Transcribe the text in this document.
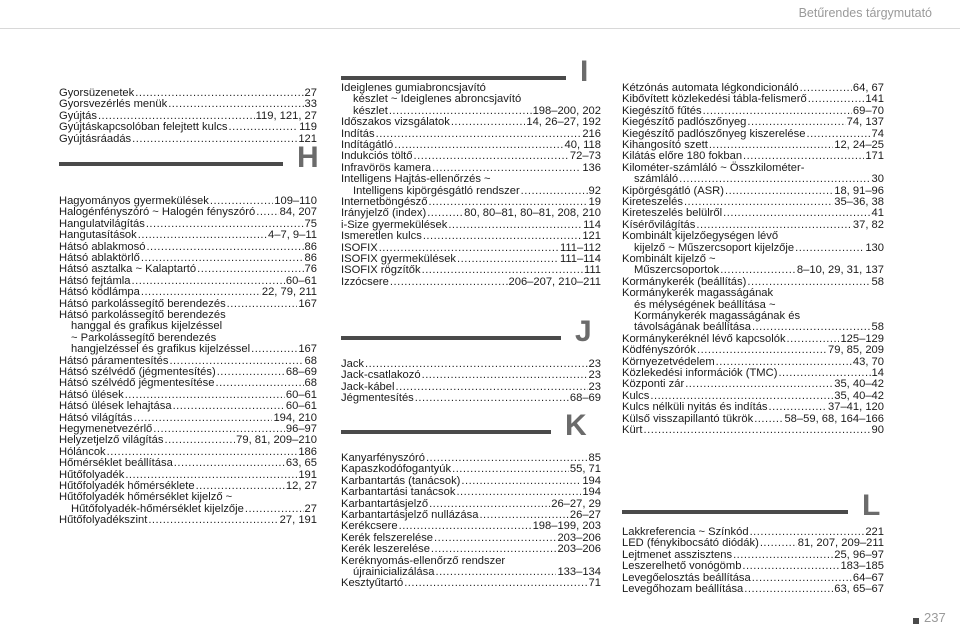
Betűrendes tárgymutató
Gyorsüzenetek .....	27
Gyorsvezérlés menük .....	33
Gyújtás .....	119, 121, 27
Gyújtáskapcsolóban felejtett kulcs .....	119
Gyújtásráadás .....	121
H
Hagyományos gyermekülések .....	109–110
Halogénfényszóró ~ Halogén fényszóró ..... 84, 207
Hangulatvilágítás .....	75
Hangutasítások .....	4–7, 9–11
Hátsó ablakmosó .....	86
Hátsó ablaktörlő .....	86
Hátsó asztalka ~ Kalaptartó .....	76
Hátsó fejtámla .....	60–61
Hátsó ködlámpa .....	22, 79, 211
Hátsó parkolássegítő berendezés .....	167
Hátsó parkolássegítő berendezés
hanggal és grafikus kijelzéssel
~ Parkolássegítő berendezés
hangjelzéssel és grafikus kijelzéssel .....	167
Hátsó páramentesítés .....	68
Hátsó szélvédő (jégmentesítés) .....	68–69
Hátsó szélvédő jégmentesítése .....	68
Hátsó ülések .....	60–61
Hátsó ülések lehajtása .....	60–61
Hátsó világítás .....	194, 210
Hegymenetvezérlő .....	96–97
Helyzetjelző világítás .....	79, 81, 209–210
Hóláncok .....	186
Hőmérséklet beállítása .....	63, 65
Hűtőfolyadék .....	191
Hűtőfolyadék hőmérséklete .....	12, 27
Hűtőfolyadék hőmérséklet kijelző ~
Hűtőfolyadék-hőmérséklet kijelzője .....	27
Hűtőfolyadékszint .....	27, 191
I
Ideiglenes gumiabroncsjavító
készlet ~ Ideiglenes abroncsjavító
készlet .....	198–200, 202
Időszakos vizsgálatok .....	14, 26–27, 192
Indítás .....	216
Indítágátló .....	40, 118
Indukciós töltő .....	72–73
Infravörös kamera .....	136
Intelligens Hajtás-ellenőrzés ~
Intelligens kipörgésgátló rendszer .....	92
Internetböngésző .....	19
Irányjelző (index) .....	80, 80–81, 80–81, 208, 210
i-Size gyermekülések .....	114
Ismeretlen kulcs .....	121
ISOFIX .....	111–112
ISOFIX gyermekülések .....	111–114
ISOFIX rögzítők .....	111
Izzócsere .....	206–207, 210–211
J
Jack .....	23
Jack-csatlakozó .....	23
Jack-kábel .....	23
Jégmentesítés .....	68–69
K
Kanyarfényszóró .....	85
Kapaszkodófogantyúk .....	55, 71
Karbantartás (tanácsok) .....	194
Karbantartási tanácsok .....	194
Karbantartásjelző .....	26–27, 29
Karbantartásjelző nullázása .....	26–27
Kerékcsere .....	198–199, 203
Kerék felszerelése .....	203–206
Kerék leszerelése .....	203–206
Keréknyomás-ellenőrző rendszer
újrainicializálása .....	133–134
Kesztyűtartó .....	71
Kétzónás automata légkondicionáló .....	64, 67
Kibővített közlekedési tábla-felismerő .....	141
Kiegészítő fűtés .....	69–70
Kiegészítő padlószőnyeg .....	74, 137
Kiegészítő padlószőnyeg kiszerelése .....	74
Kihangosító szett .....	12, 24–25
Kilátás előre 180 fokban .....	171
Kilométer-számláló ~ Összkilométer-
számláló .....	30
Kipörgésgátló (ASR) .....	18, 91–96
Kireteszelés .....	35–36, 38
Kireteszelés belülről .....	41
Kísérővilágítás .....	37, 82
Kombinált kijelzőegységen lévő
kijelző ~ Műszercsoport kijelzője .....	130
Kombinált kijelző ~
Műszercsoportok .....	8–10, 29, 31, 137
Kormánykerék (beállítás) .....	58
Kormánykerék magasságának
és mélységének beállítása ~
Kormánykerék magasságának és
távolságának beállítása .....	58
Kormánykeréknél lévő kapcsolók .....	125–129
Ködfényszórók .....	79, 85, 209
Környezetvédelem .....	43, 70
Közlekedési információk (TMC) .....	14
Központi zár .....	35, 40–42
Kulcs .....	35, 40–42
Kulcs nélküli nyitás és indítás .....	37–41, 120
Külső visszapillantó tükrök .....	58–59, 68, 164–166
Kürt .....	90
L
Lakkreferencia ~ Színkód .....	221
LED (fénykibocsátó diódák) .....	81, 207, 209–211
Lejtmenet asszisztens .....	25, 96–97
Leszerelhető vonógömb .....	183–185
Levegőelosztás beállítása .....	64–67
Levegőhozam beállítása .....	63, 65–67
237
